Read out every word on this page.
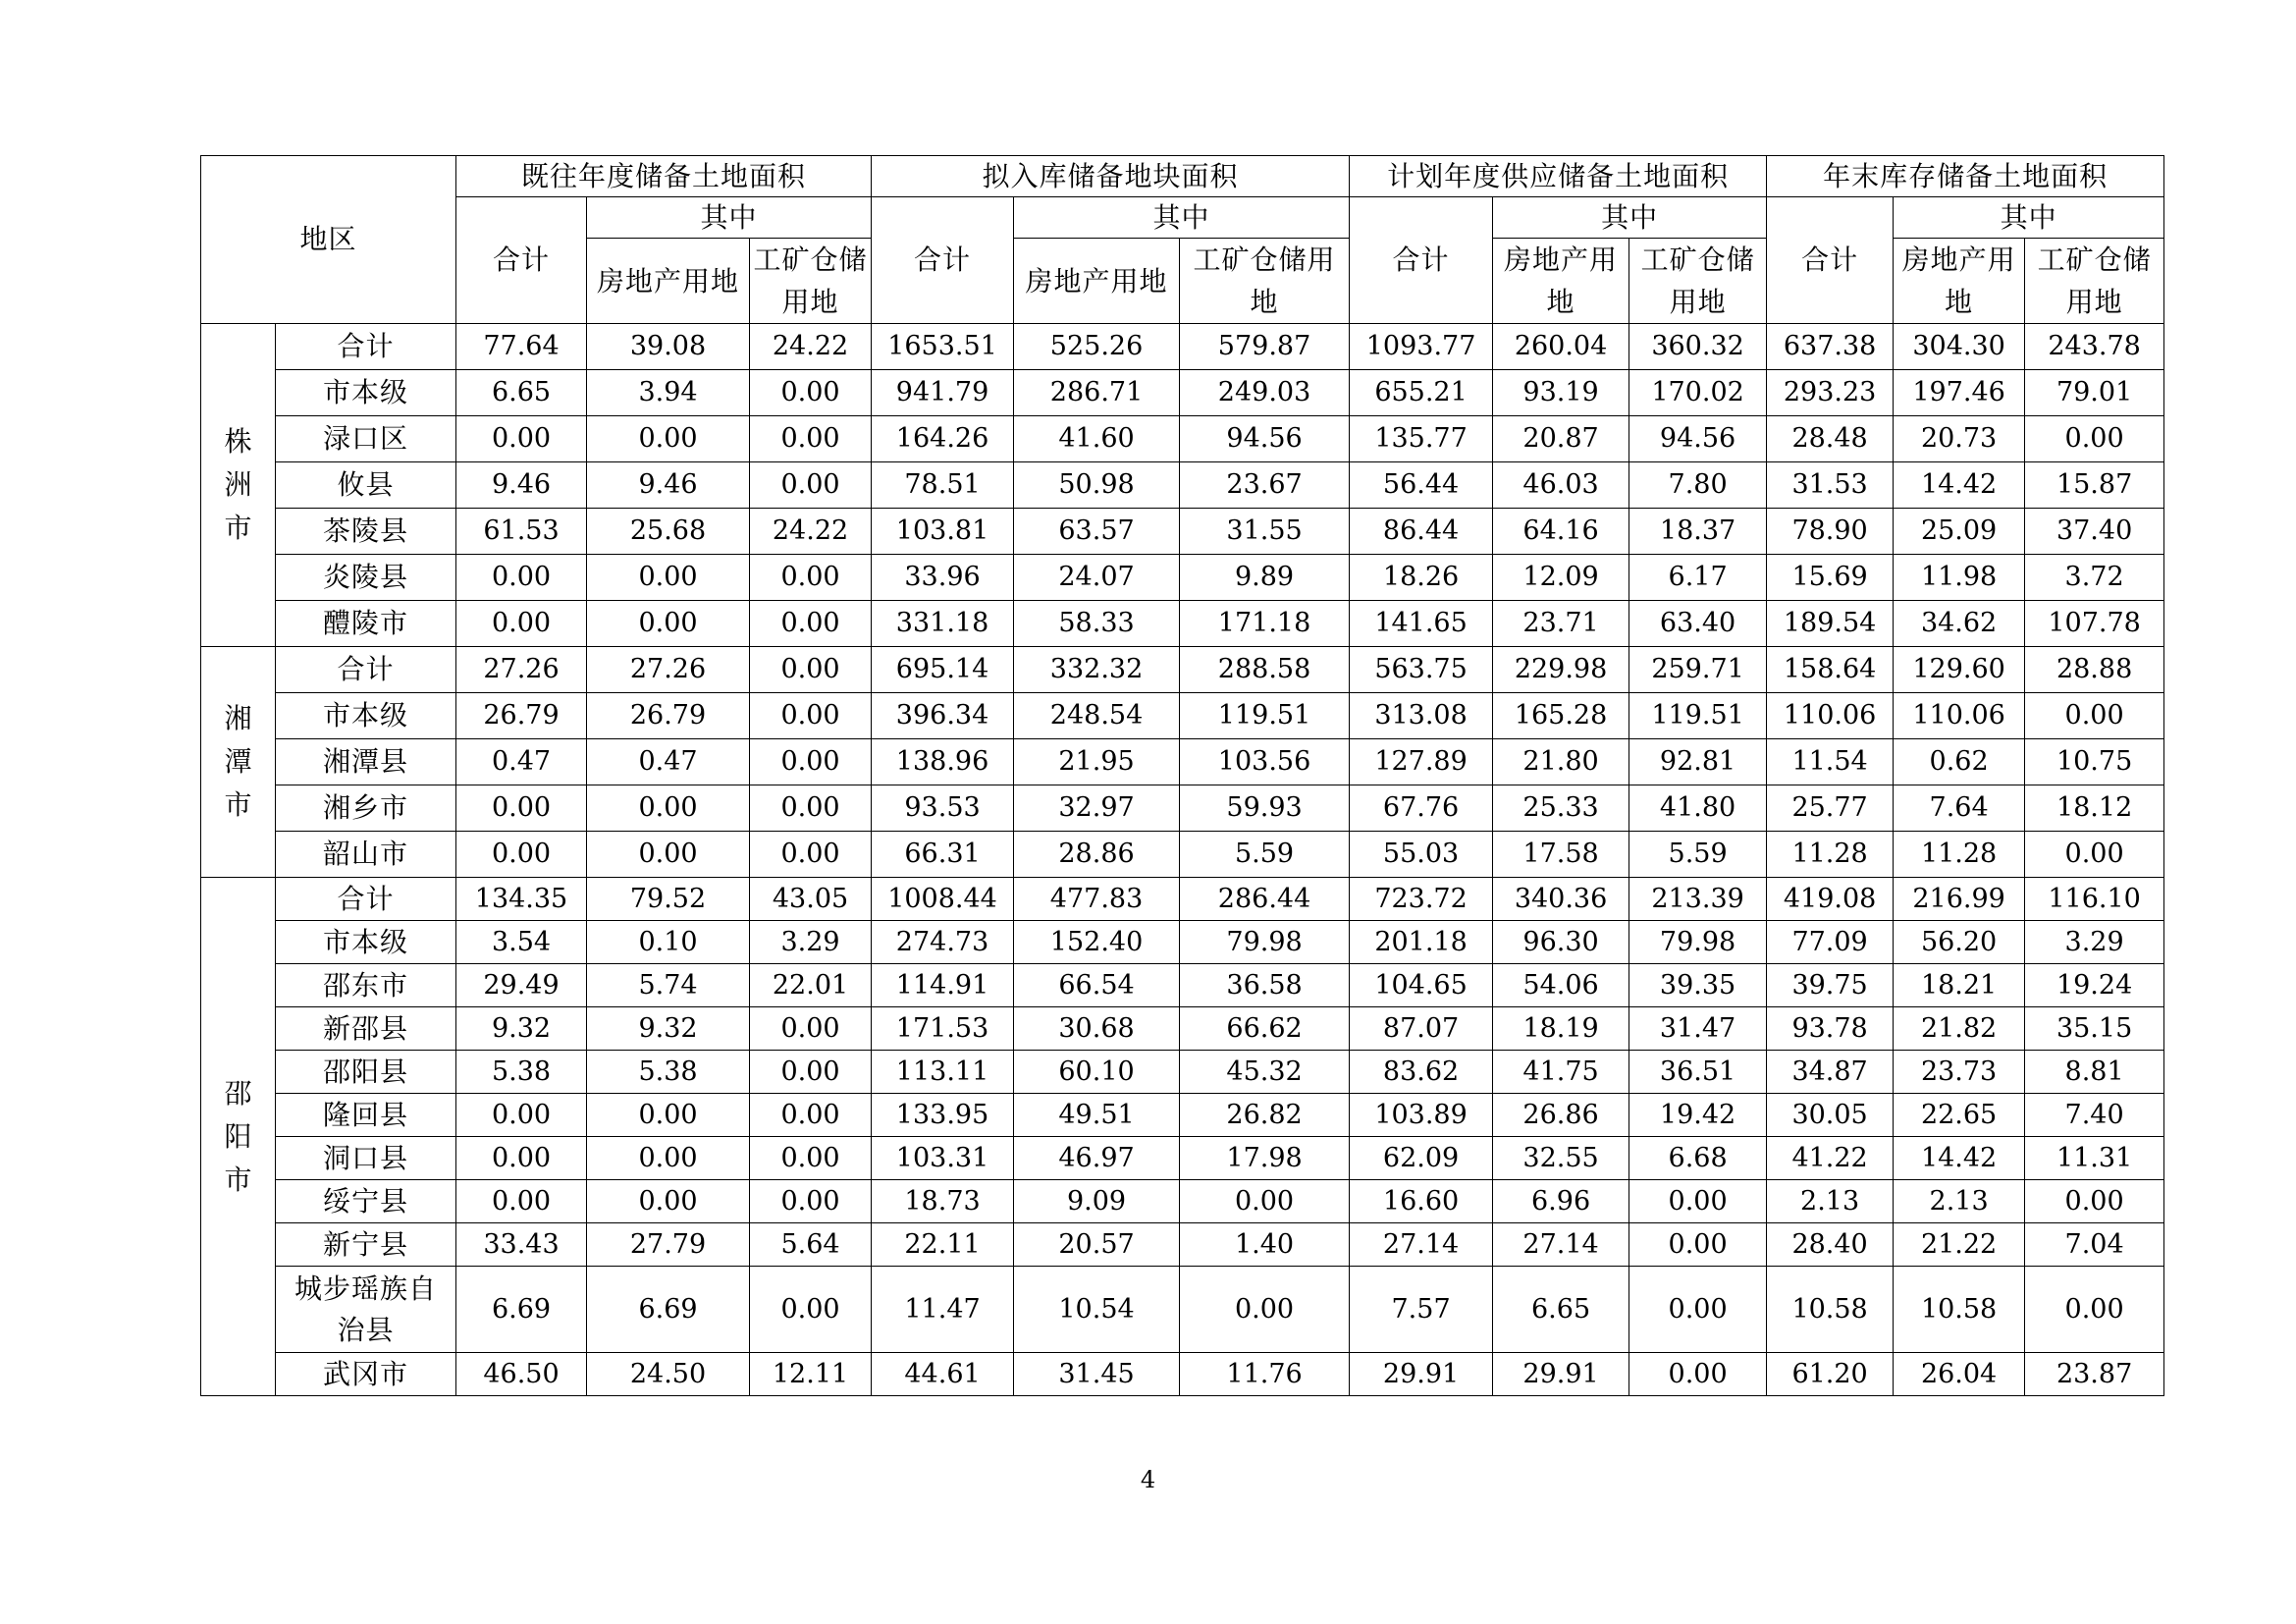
地区		既往年度储备土地面积			拟入库储备地块面积			计划年度供应储备土地面积			年末库存储备土地面积		
		合计	其中		合计	其中		合计	其中		合计	其中	
			房地产用地	工矿仓储用地		房地产用地	工矿仓储用地		房地产用地	工矿仓储用地		房地产用地	工矿仓储用地

株洲市	合计	77.64	39.08	24.22	1653.51	525.26	579.87	1093.77	260.04	360.32	637.38	304.30	243.78
	市本级	6.65	3.94	0.00	941.79	286.71	249.03	655.21	93.19	170.02	293.23	197.46	79.01
	渌口区	0.00	0.00	0.00	164.26	41.60	94.56	135.77	20.87	94.56	28.48	20.73	0.00
	攸县	9.46	9.46	0.00	78.51	50.98	23.67	56.44	46.03	7.80	31.53	14.42	15.87
	茶陵县	61.53	25.68	24.22	103.81	63.57	31.55	86.44	64.16	18.37	78.90	25.09	37.40
	炎陵县	0.00	0.00	0.00	33.96	24.07	9.89	18.26	12.09	6.17	15.69	11.98	3.72
	醴陵市	0.00	0.00	0.00	331.18	58.33	171.18	141.65	23.71	63.40	189.54	34.62	107.78
湘潭市	合计	27.26	27.26	0.00	695.14	332.32	288.58	563.75	229.98	259.71	158.64	129.60	28.88
	市本级	26.79	26.79	0.00	396.34	248.54	119.51	313.08	165.28	119.51	110.06	110.06	0.00
	湘潭县	0.47	0.47	0.00	138.96	21.95	103.56	127.89	21.80	92.81	11.54	0.62	10.75
	湘乡市	0.00	0.00	0.00	93.53	32.97	59.93	67.76	25.33	41.80	25.77	7.64	18.12
	韶山市	0.00	0.00	0.00	66.31	28.86	5.59	55.03	17.58	5.59	11.28	11.28	0.00
邵阳市	合计	134.35	79.52	43.05	1008.44	477.83	286.44	723.72	340.36	213.39	419.08	216.99	116.10
	市本级	3.54	0.10	3.29	274.73	152.40	79.98	201.18	96.30	79.98	77.09	56.20	3.29
	邵东市	29.49	5.74	22.01	114.91	66.54	36.58	104.65	54.06	39.35	39.75	18.21	19.24
	新邵县	9.32	9.32	0.00	171.53	30.68	66.62	87.07	18.19	31.47	93.78	21.82	35.15
	邵阳县	5.38	5.38	0.00	113.11	60.10	45.32	83.62	41.75	36.51	34.87	23.73	8.81
	隆回县	0.00	0.00	0.00	133.95	49.51	26.82	103.89	26.86	19.42	30.05	22.65	7.40
	洞口县	0.00	0.00	0.00	103.31	46.97	17.98	62.09	32.55	6.68	41.22	14.42	11.31
	绥宁县	0.00	0.00	0.00	18.73	9.09	0.00	16.60	6.96	0.00	2.13	2.13	0.00
	新宁县	33.43	27.79	5.64	22.11	20.57	1.40	27.14	27.14	0.00	28.40	21.22	7.04
	城步瑶族自治县	6.69	6.69	0.00	11.47	10.54	0.00	7.57	6.65	0.00	10.58	10.58	0.00
	武冈市	46.50	24.50	12.11	44.61	31.45	11.76	29.91	29.91	0.00	61.20	26.04	23.87
4
